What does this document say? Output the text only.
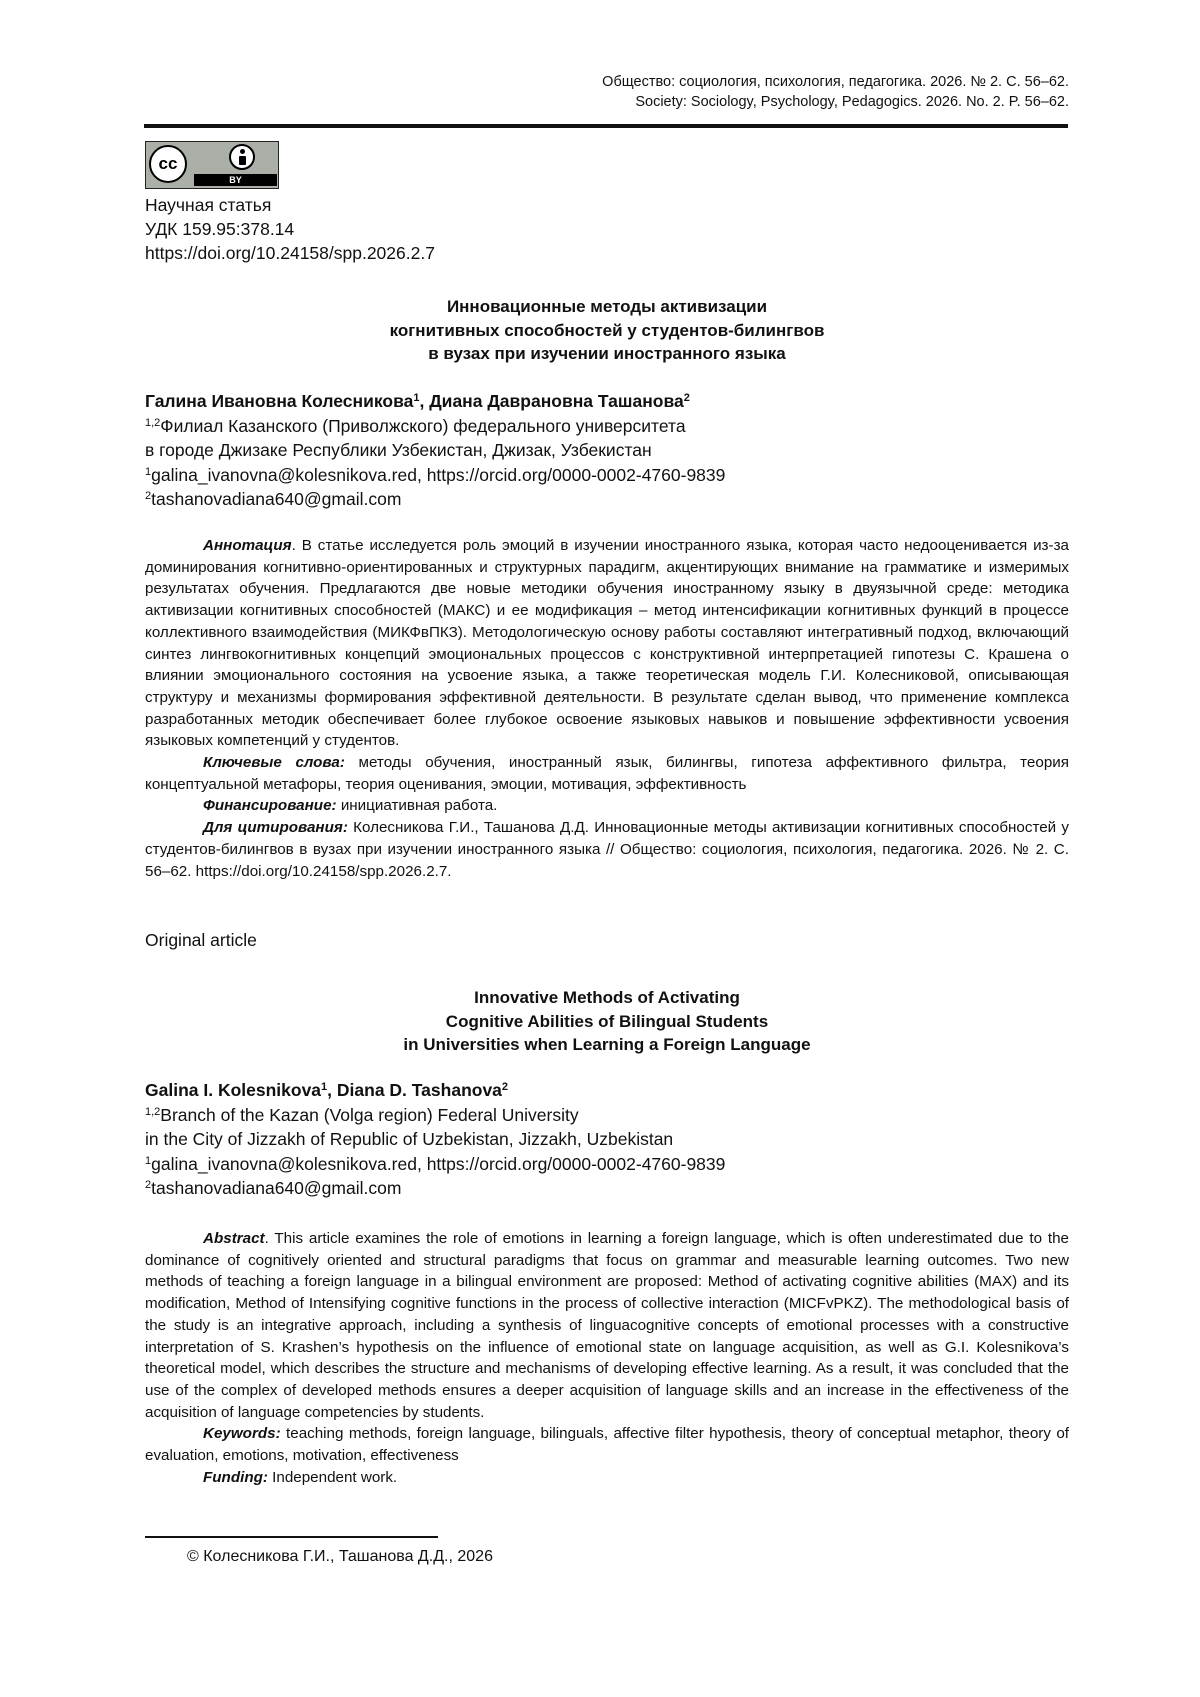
Общество: социология, психология, педагогика. 2026. № 2. С. 56–62.
Society: Sociology, Psychology, Pedagogics. 2026. No. 2. P. 56–62.
cc
BY
Научная статья
УДК 159.95:378.14
https://doi.org/10.24158/spp.2026.2.7
Инновационные методы активизации
когнитивных способностей у студентов-билингвов
в вузах при изучении иностранного языка
Галина Ивановна Колесникова$^1$, Диана Даврановна Ташанова$^2$
$^{1,2}$Филиал Казанского (Приволжского) федерального университета
в городе Джизаке Республики Узбекистан, Джизак, Узбекистан
$^1$galina_ivanovna@kolesnikova.red, https://orcid.org/0000-0002-4760-9839
$^2$tashanovadiana640@gmail.com

Аннотация. В статье исследуется роль эмоций в изучении иностранного языка, которая часто недооценивается из-за доминирования когнитивно-ориентированных и структурных парадигм, акцентирующих внимание на грамматике и измеримых результатах обучения. Предлагаются две новые методики обучения иностранному языку в двуязычной среде: методика активизации когнитивных способностей (МАКС) и ее модификация – метод интенсификации когнитивных функций в процессе коллективного взаимодействия (МИКФвПКЗ). Методологическую основу работы составляют интегративный подход, включающий синтез лингвокогнитивных концепций эмоциональных процессов с конструктивной интерпретацией гипотезы С. Крашена о влиянии эмоционального состояния на усвоение языка, а также теоретическая модель Г.И. Колесниковой, описывающая структуру и механизмы формирования эффективной деятельности. В результате сделан вывод, что применение комплекса разработанных методик обеспечивает более глубокое освоение языковых навыков и повышение эффективности усвоения языковых компетенций у студентов.

Ключевые слова: методы обучения, иностранный язык, билингвы, гипотеза аффективного фильтра, теория концептуальной метафоры, теория оценивания, эмоции, мотивация, эффективность

Финансирование: инициативная работа.

Для цитирования: Колесникова Г.И., Ташанова Д.Д. Инновационные методы активизации когнитивных способностей у студентов-билингвов в вузах при изучении иностранного языка // Общество: социология, психология, педагогика. 2026. № 2. С. 56–62. https://doi.org/10.24158/spp.2026.2.7.

Original article
Innovative Methods of Activating
Cognitive Abilities of Bilingual Students
in Universities when Learning a Foreign Language
Galina I. Kolesnikova$^1$, Diana D. Tashanova$^2$
$^{1,2}$Branch of the Kazan (Volga region) Federal University
in the City of Jizzakh of Republic of Uzbekistan, Jizzakh, Uzbekistan
$^1$galina_ivanovna@kolesnikova.red, https://orcid.org/0000-0002-4760-9839
$^2$tashanovadiana640@gmail.com

Abstract. This article examines the role of emotions in learning a foreign language, which is often underestimated due to the dominance of cognitively oriented and structural paradigms that focus on grammar and measurable learning outcomes. Two new methods of teaching a foreign language in a bilingual environment are proposed: Method of activating cognitive abilities (MAX) and its modification, Method of Intensifying cognitive functions in the process of collective interaction (MICFvPKZ). The methodological basis of the study is an integrative approach, including a synthesis of linguacognitive concepts of emotional processes with a constructive interpretation of S. Krashen’s hypothesis on the influence of emotional state on language acquisition, as well as G.I. Kolesnikova’s theoretical model, which describes the structure and mechanisms of developing effective learning. As a result, it was concluded that the use of the complex of developed methods ensures a deeper acquisition of language skills and an increase in the effectiveness of the acquisition of language competencies by students.

Keywords: teaching methods, foreign language, bilinguals, affective filter hypothesis, theory of conceptual metaphor, theory of evaluation, emotions, motivation, effectiveness

Funding: Independent work.

© Колесникова Г.И., Ташанова Д.Д., 2026
